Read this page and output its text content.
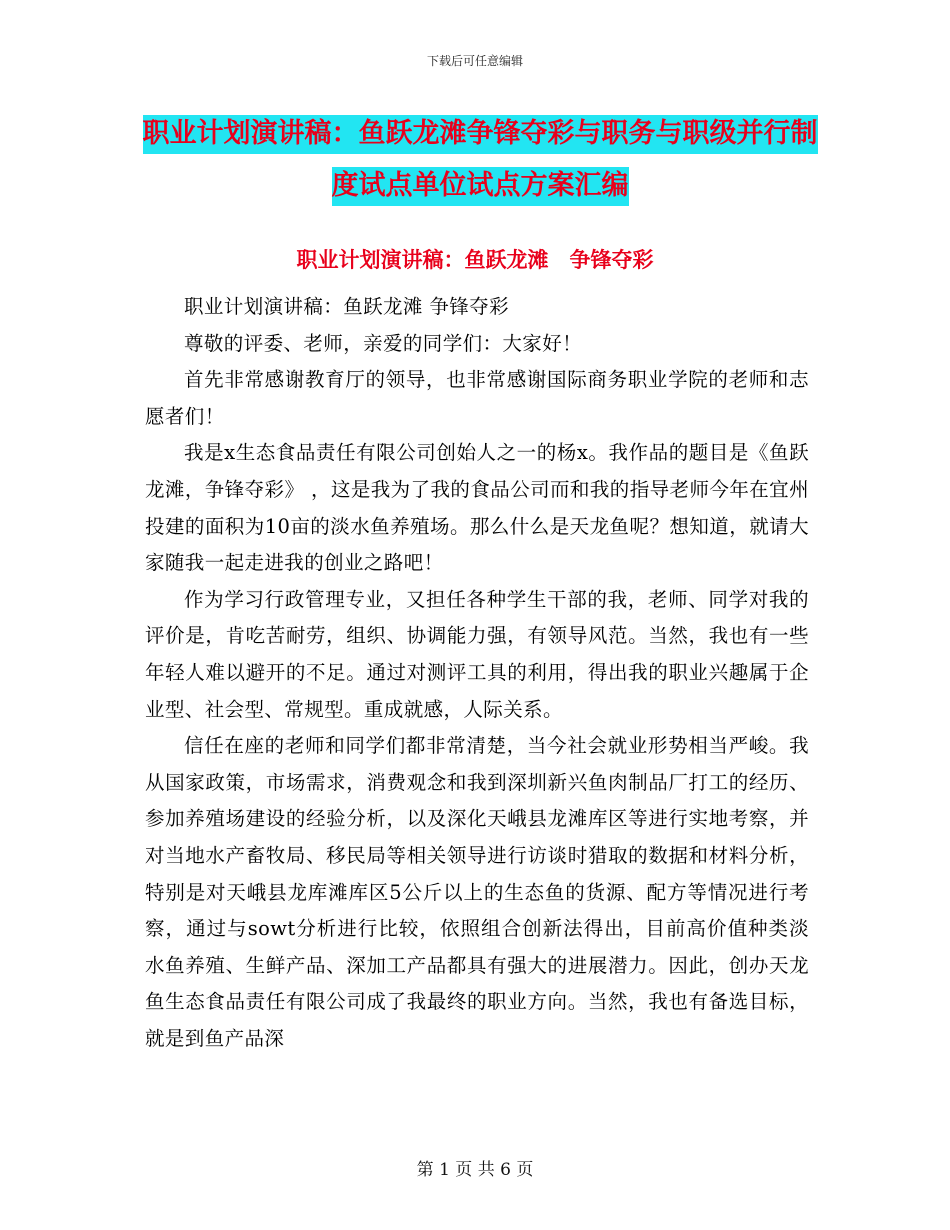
下载后可任意编辑
职业计划演讲稿：鱼跃龙滩争锋夺彩与职务与职级并行制度试点单位试点方案汇编
职业计划演讲稿：鱼跃龙滩　争锋夺彩

职业计划演讲稿：鱼跃龙滩 争锋夺彩

尊敬的评委、老师，亲爱的同学们：大家好！

首先非常感谢教育厅的领导，也非常感谢国际商务职业学院的老师和志愿者们！

我是x生态食品责任有限公司创始人之一的杨x。我作品的题目是《鱼跃龙滩，争锋夺彩》 ，这是我为了我的食品公司而和我的指导老师今年在宜州投建的面积为10亩的淡水鱼养殖场。那么什么是天龙鱼呢？想知道，就请大家随我一起走进我的创业之路吧！

作为学习行政管理专业，又担任各种学生干部的我，老师、同学对我的评价是，肯吃苦耐劳，组织、协调能力强，有领导风范。当然，我也有一些年轻人难以避开的不足。通过对测评工具的利用，得出我的职业兴趣属于企业型、社会型、常规型。重成就感，人际关系。

信任在座的老师和同学们都非常清楚，当今社会就业形势相当严峻。我从国家政策，市场需求，消费观念和我到深圳新兴鱼肉制品厂打工的经历、参加养殖场建设的经验分析，以及深化天峨县龙滩库区等进行实地考察，并对当地水产畜牧局、移民局等相关领导进行访谈时猎取的数据和材料分析，特别是对天峨县龙库滩库区5公斤以上的生态鱼的货源、配方等情况进行考察，通过与sowt分析进行比较，依照组合创新法得出，目前高价值种类淡水鱼养殖、生鲜产品、深加工产品都具有强大的进展潜力。因此，创办天龙鱼生态食品责任有限公司成了我最终的职业方向。当然，我也有备选目标，就是到鱼产品深

第 1 页 共 6 页
